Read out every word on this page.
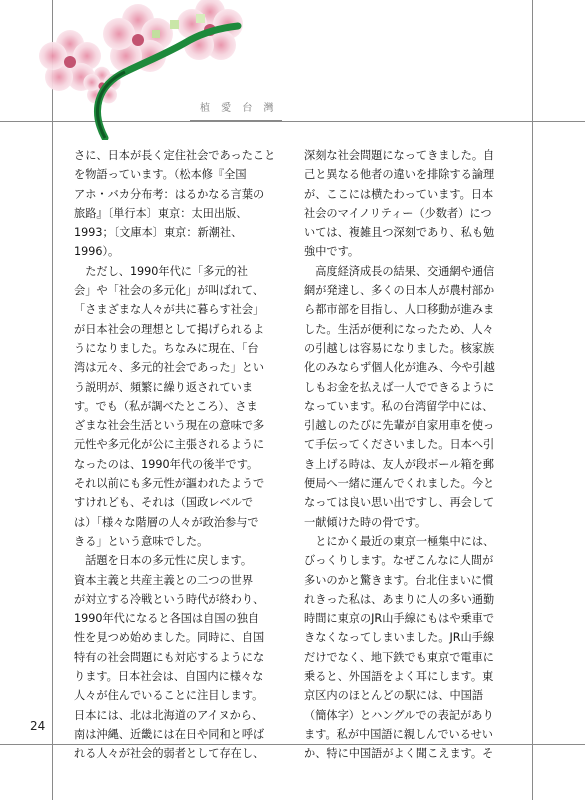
植 愛 台 灣

さに、日本が長く定住社会であったこと

を物語っています。（松本修『全国

アホ・バカ分布考：はるかなる言葉の

旅路』〔単行本〕東京：太田出版、

1993；〔文庫本〕東京：新潮社、

1996）。

　ただし、1990年代に「多元的社

会」や「社会の多元化」が叫ばれて、

「さまざまな人々が共に暮らす社会」

が日本社会の理想として掲げられるよ

うになりました。ちなみに現在、「台

湾は元々、多元的社会であった」とい

う説明が、頻繁に繰り返されていま

す。でも（私が調べたところ）、さま

ざまな社会生活という現在の意味で多

元性や多元化が公に主張されるように

なったのは、1990年代の後半です。

それ以前にも多元性が謳われたようで

すけれども、それは（国政レベルで

は）「様々な階層の人々が政治参与で

きる」という意味でした。

　話題を日本の多元性に戻します。

資本主義と共産主義との二つの世界

が対立する冷戦という時代が終わり、

1990年代になると各国は自国の独自

性を見つめ始めました。同時に、自国

特有の社会問題にも対応するようにな

ります。日本社会は、自国内に様々な

人々が住んでいることに注目します。

日本には、北は北海道のアイヌから、

南は沖縄、近畿には在日や同和と呼ば

れる人々が社会的弱者として存在し、

深刻な社会問題になってきました。自

己と異なる他者の違いを排除する論理

が、ここには横たわっています。日本

社会のマイノリティー（少数者）につ

いては、複雑且つ深刻であり、私も勉

強中です。

　高度経済成長の結果、交通網や通信

網が発達し、多くの日本人が農村部か

ら都市部を目指し、人口移動が進みま

した。生活が便利になったため、人々

の引越しは容易になりました。核家族

化のみならず個人化が進み、今や引越

しもお金を払えば一人でできるように

なっています。私の台湾留学中には、

引越しのたびに先輩が自家用車を使っ

て手伝ってくださいました。日本へ引

き上げる時は、友人が段ボール箱を郵

便局へ一緒に運んでくれました。今と

なっては良い思い出ですし、再会して

一献傾けた時の骨です。

　とにかく最近の東京一極集中には、

びっくりします。なぜこんなに人間が

多いのかと驚きます。台北住まいに慣

れきった私は、あまりに人の多い通勤

時間に東京のJR山手線にもはや乗車で

きなくなってしまいました。JR山手線

だけでなく、地下鉄でも東京で電車に

乗ると、外国語をよく耳にします。東

京区内のほとんどの駅には、中国語

（簡体字）とハングルでの表記があり

ます。私が中国語に親しんでいるせい

か、特に中国語がよく聞こえます。そ

24
